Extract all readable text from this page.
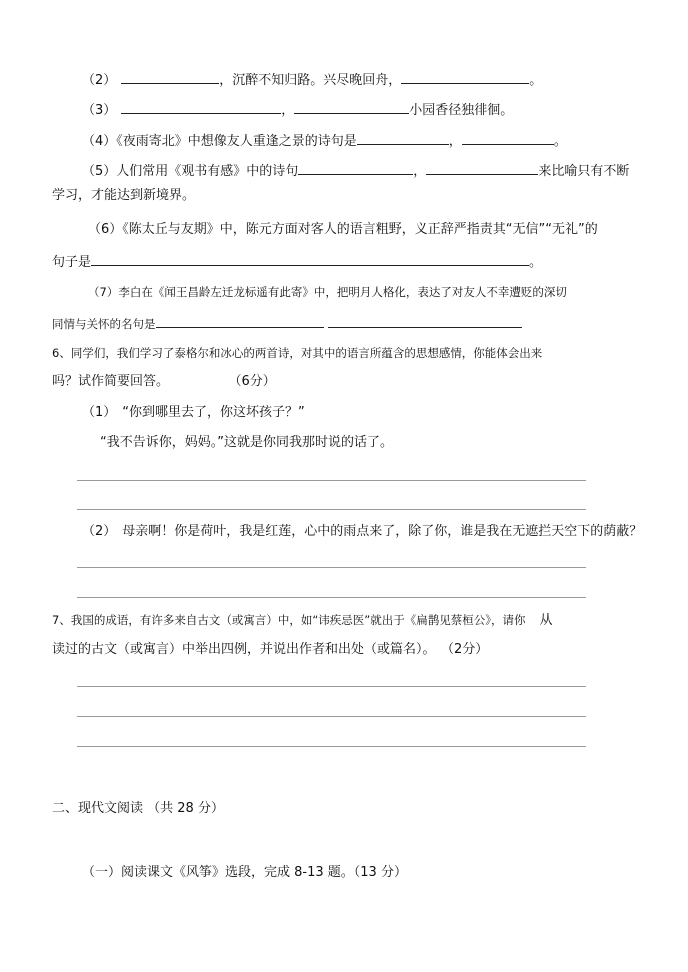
（2）	，沉醉不知归路。兴尽晚回舟，	。
（3）	，	小园香径独徘徊。
（4）《夜雨寄北》中想像友人重逢之景的诗句是	，	。
（5）人们常用《观书有感》中的诗句	，	来比喻只有不断
学习，才能达到新境界。
（6）《陈太丘与友期》中，陈元方面对客人的语言粗野，义正辞严指责其“无信”“无礼”的
句子是	。
（7）李白在《闻王昌龄左迁龙标遥有此寄》中，把明月人格化，表达了对友人不幸遭贬的深切
同情与关怀的名句是
6、同学们，我们学习了泰格尔和冰心的两首诗，对其中的语言所蕴含的思想感情，你能体会出来
吗？试作简要回答。	（6分）
（1） “你到哪里去了，你这坏孩子？”
“我不告诉你，妈妈。”这就是你同我那时说的话了。
（2） 母亲啊！你是荷叶，我是红莲，心中的雨点来了，除了你，谁是我在无遮拦天空下的荫蔽？
7、我国的成语，有许多来自古文（或寓言）中，如“讳疾忌医”就出于《扁鹊见蔡桓公》，请你 从
读过的古文（或寓言）中举出四例，并说出作者和出处（或篇名）。 （2分）
二、现代文阅读 （共 28 分）
（一）阅读课文《风筝》选段，完成 8-13 题。（13 分）
